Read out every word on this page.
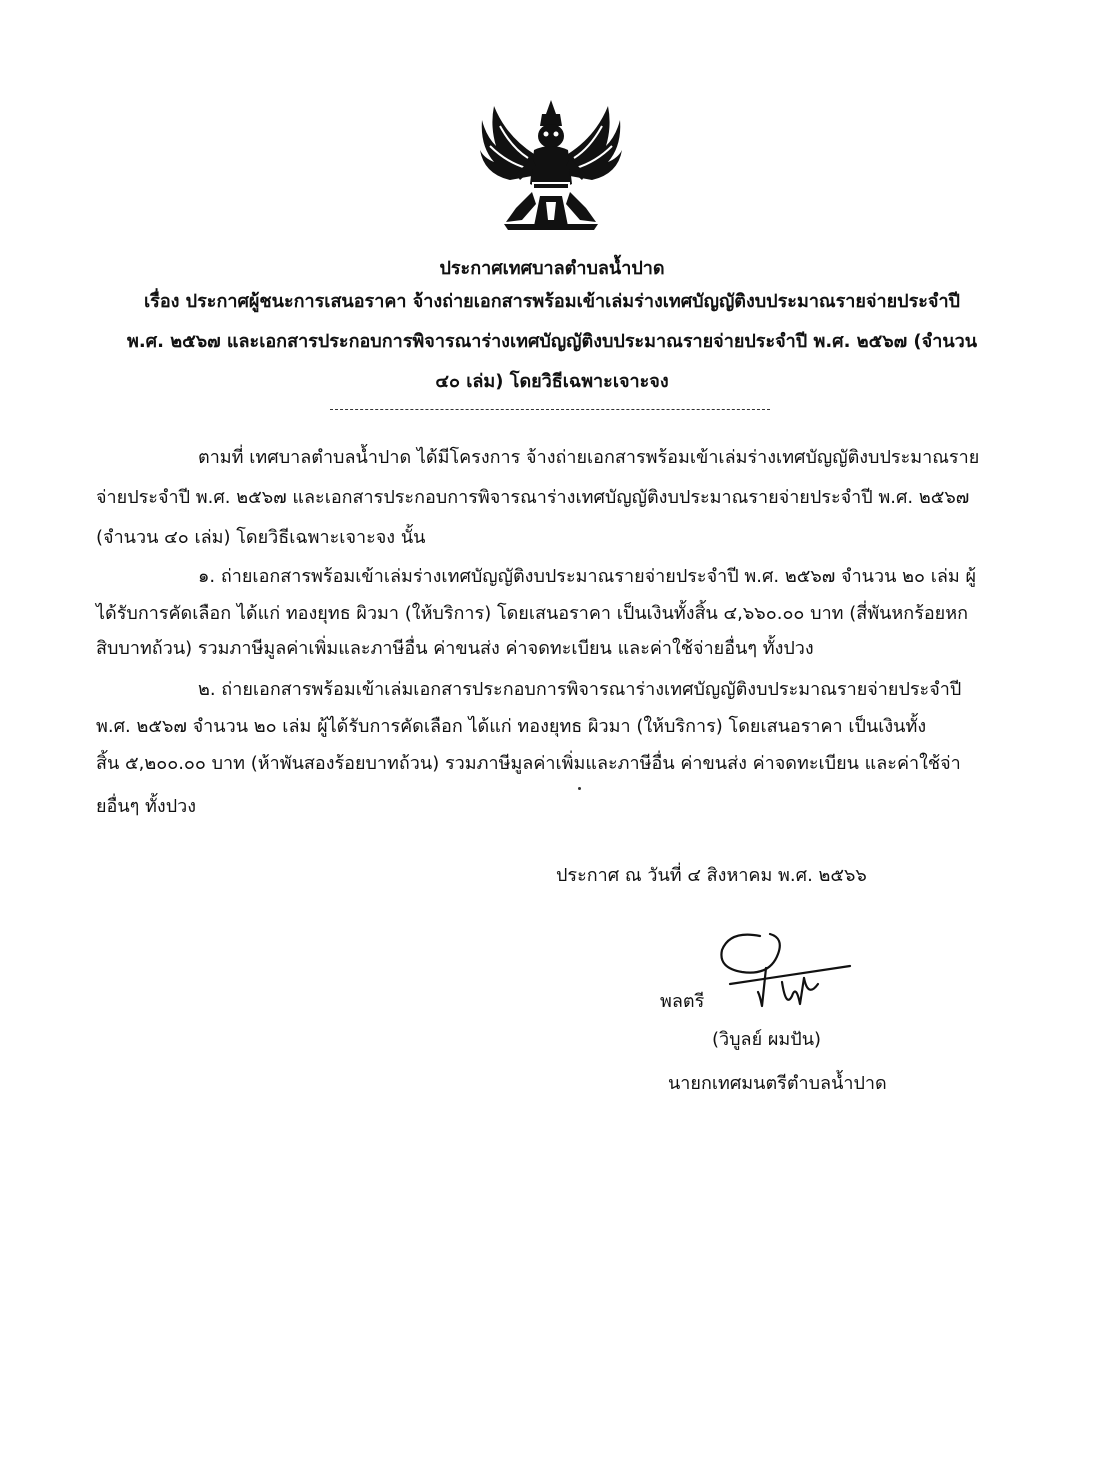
ประกาศเทศบาลตำบลน้ำปาด
เรื่อง ประกาศผู้ชนะการเสนอราคา จ้างถ่ายเอกสารพร้อมเข้าเล่มร่างเทศบัญญัติงบประมาณรายจ่ายประจำปี
พ.ศ. ๒๕๖๗ และเอกสารประกอบการพิจารณาร่างเทศบัญญัติงบประมาณรายจ่ายประจำปี พ.ศ. ๒๕๖๗ (จำนวน
๔๐ เล่ม) โดยวิธีเฉพาะเจาะจง
ตามที่ เทศบาลตำบลน้ำปาด ได้มีโครงการ จ้างถ่ายเอกสารพร้อมเข้าเล่มร่างเทศบัญญัติงบประมาณราย
จ่ายประจำปี พ.ศ. ๒๕๖๗ และเอกสารประกอบการพิจารณาร่างเทศบัญญัติงบประมาณรายจ่ายประจำปี พ.ศ. ๒๕๖๗
(จำนวน ๔๐ เล่ม) โดยวิธีเฉพาะเจาะจง นั้น
๑. ถ่ายเอกสารพร้อมเข้าเล่มร่างเทศบัญญัติงบประมาณรายจ่ายประจำปี พ.ศ. ๒๕๖๗ จำนวน ๒๐ เล่ม ผู้
ได้รับการคัดเลือก ได้แก่ ทองยุทธ ผิวมา (ให้บริการ) โดยเสนอราคา เป็นเงินทั้งสิ้น ๔,๖๖๐.๐๐ บาท (สี่พันหกร้อยหก
สิบบาทถ้วน) รวมภาษีมูลค่าเพิ่มและภาษีอื่น ค่าขนส่ง ค่าจดทะเบียน และค่าใช้จ่ายอื่นๆ ทั้งปวง
๒. ถ่ายเอกสารพร้อมเข้าเล่มเอกสารประกอบการพิจารณาร่างเทศบัญญัติงบประมาณรายจ่ายประจำปี
พ.ศ. ๒๕๖๗ จำนวน ๒๐ เล่ม ผู้ได้รับการคัดเลือก ได้แก่ ทองยุทธ ผิวมา (ให้บริการ) โดยเสนอราคา เป็นเงินทั้ง
สิ้น ๕,๒๐๐.๐๐ บาท (ห้าพันสองร้อยบาทถ้วน) รวมภาษีมูลค่าเพิ่มและภาษีอื่น ค่าขนส่ง ค่าจดทะเบียน และค่าใช้จ่า
ยอื่นๆ ทั้งปวง
ประกาศ ณ วันที่ ๔ สิงหาคม พ.ศ. ๒๕๖๖
พลตรี
(วิบูลย์ ผมปัน)
นายกเทศมนตรีตำบลน้ำปาด
